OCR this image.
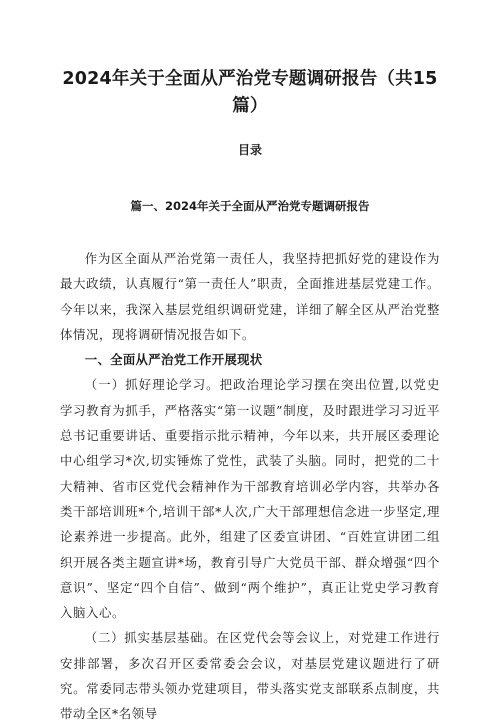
2024年关于全面从严治党专题调研报告（共15篇）
目录
篇一、2024年关于全面从严治党专题调研报告

作为区全面从严治党第一责任人，我坚持把抓好党的建设作为最大政绩，认真履行“第一责任人”职责，全面推进基层党建工作。今年以来，我深入基层党组织调研党建，详细了解全区从严治党整体情况，现将调研情况报告如下。

一、全面从严治党工作开展现状

（一）抓好理论学习。把政治理论学习摆在突出位置,以党史学习教育为抓手，严格落实“第一议题”制度，及时跟进学习习近平总书记重要讲话、重要指示批示精神，今年以来，共开展区委理论中心组学习*次,切实锤炼了党性，武装了头脑。同时，把党的二十大精神、省市区党代会精神作为干部教育培训必学内容，共举办各类干部培训班*个,培训干部*人次,广大干部理想信念进一步坚定,理论素养进一步提高。此外，组建了区委宣讲团、“百姓宣讲团二组织开展各类主题宣讲*场，教育引导广大党员干部、群众增强“四个意识”、坚定“四个自信”、做到“两个维护”，真正让党史学习教育入脑入心。

（二）抓实基层基础。在区党代会等会议上，对党建工作进行安排部署，多次召开区委常委会会议，对基层党建议题进行了研究。常委同志带头领办党建项目，带头落实党支部联系点制度，共带动全区*名领导
